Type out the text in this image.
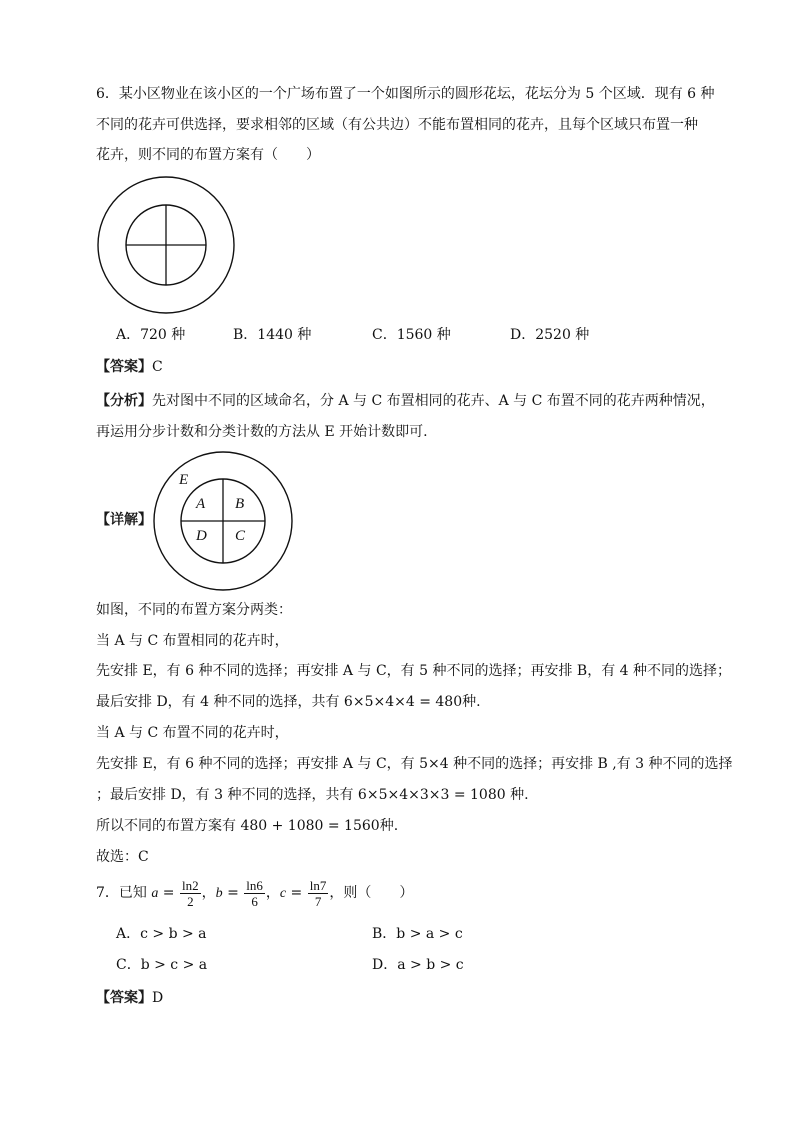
6．某小区物业在该小区的一个广场布置了一个如图所示的圆形花坛，花坛分为 5 个区域．现有 6 种
不同的花卉可供选择，要求相邻的区域（有公共边）不能布置相同的花卉，且每个区域只布置一种
花卉，则不同的布置方案有（　　）
A．720 种	B．1440 种	C．1560 种	D．2520 种
【答案】C
【分析】先对图中不同的区域命名，分 A 与 C 布置相同的花卉、A 与 C 布置不同的花卉两种情况，
再运用分步计数和分类计数的方法从 E 开始计数即可.
【详解】
E
A B
D C
如图，不同的布置方案分两类：
当 A 与 C 布置相同的花卉时，
先安排 E，有 6 种不同的选择；再安排 A 与 C，有 5 种不同的选择；再安排 B，有 4 种不同的选择；
最后安排 D，有 4 种不同的选择，共有 6×5×4×4 = 480种.
当 A 与 C 布置不同的花卉时，
先安排 E，有 6 种不同的选择；再安排 A 与 C，有 5×4 种不同的选择；再安排 B ,有 3 种不同的选择
；最后安排 D，有 3 种不同的选择，共有 6×5×4×3×3 = 1080 种.
所以不同的布置方案有 480 + 1080 = 1560种.
故选：C
7．已知 $a = \frac{\ln 2}{2}$ ，$b = \frac{\ln 6}{6}$ ，$c = \frac{\ln 7}{7}$ ，则（　　）
A．c > b > a	B．b > a > c
C．b > c > a	D．a > b > c
【答案】D
